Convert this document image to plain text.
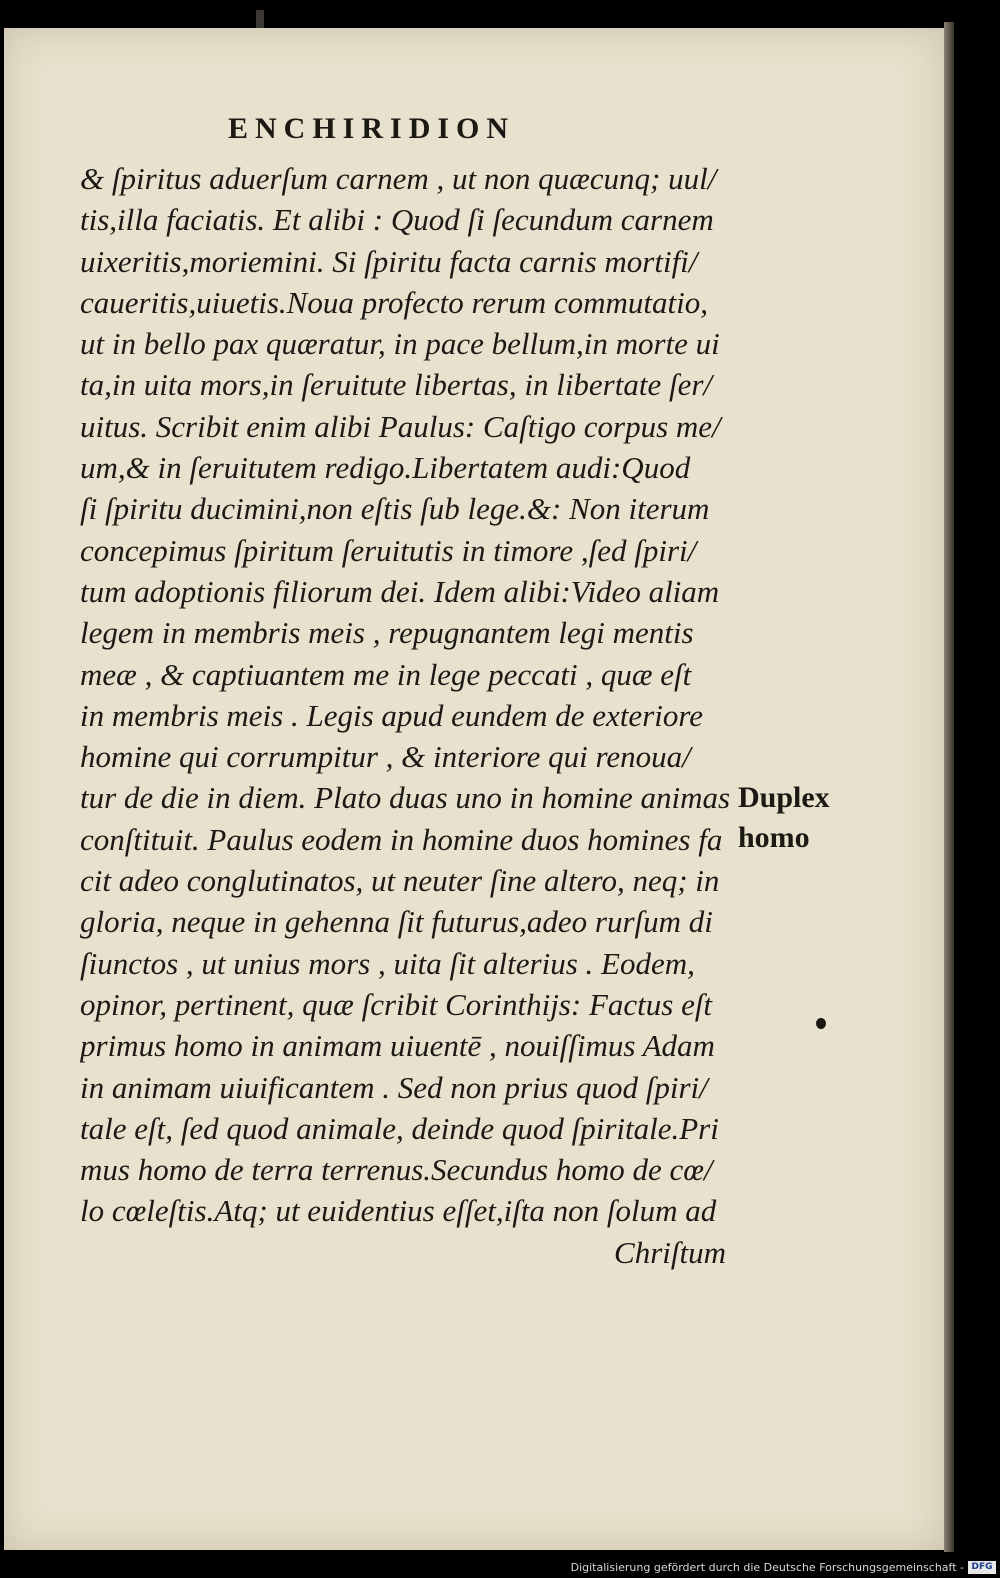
ENCHIRIDION
& ſpiritus aduerſum carnem , ut non quæcunq; uul/
tis,illa faciatis. Et alibi : Quod ſi ſecundum carnem
uixeritis,moriemini. Si ſpiritu facta carnis mortifi/
caueritis,uiuetis.Noua profecto rerum commutatio,
ut in bello pax quæratur, in pace bellum,in morte ui
ta,in uita mors,in ſeruitute libertas, in libertate ſer/
uitus. Scribit enim alibi Paulus: Caſtigo corpus me/
um,& in ſeruitutem redigo.Libertatem audi:Quod
ſi ſpiritu ducimini,non eſtis ſub lege.&: Non iterum
concepimus ſpiritum ſeruitutis in timore ,ſed ſpiri/
tum adoptionis filiorum dei. Idem alibi:Video aliam
legem in membris meis , repugnantem legi mentis
meæ , & captiuantem me in lege peccati , quæ eſt
in membris meis . Legis apud eundem de exteriore
homine qui corrumpitur , & interiore qui renoua/
tur de die in diem. Plato duas uno in homine animas
conſtituit. Paulus eodem in homine duos homines fa
cit adeo conglutinatos, ut neuter ſine altero, neq; in
gloria, neque in gehenna ſit futurus,adeo rurſum di
ſiunctos , ut unius mors , uita ſit alterius . Eodem,
opinor, pertinent, quæ ſcribit Corinthijs: Factus eſt
primus homo in animam uiuentē , nouiſſimus Adam
in animam uiuificantem . Sed non prius quod ſpiri/
tale eſt, ſed quod animale, deinde quod ſpiritale.Pri
mus homo de terra terrenus.Secundus homo de cœ/
lo cœleſtis.Atq; ut euidentius eſſet,iſta non ſolum ad
Chriſtum
Duplex
homo
Digitalisierung gefördert durch die Deutsche Forschungsgemeinschaft - DFG
